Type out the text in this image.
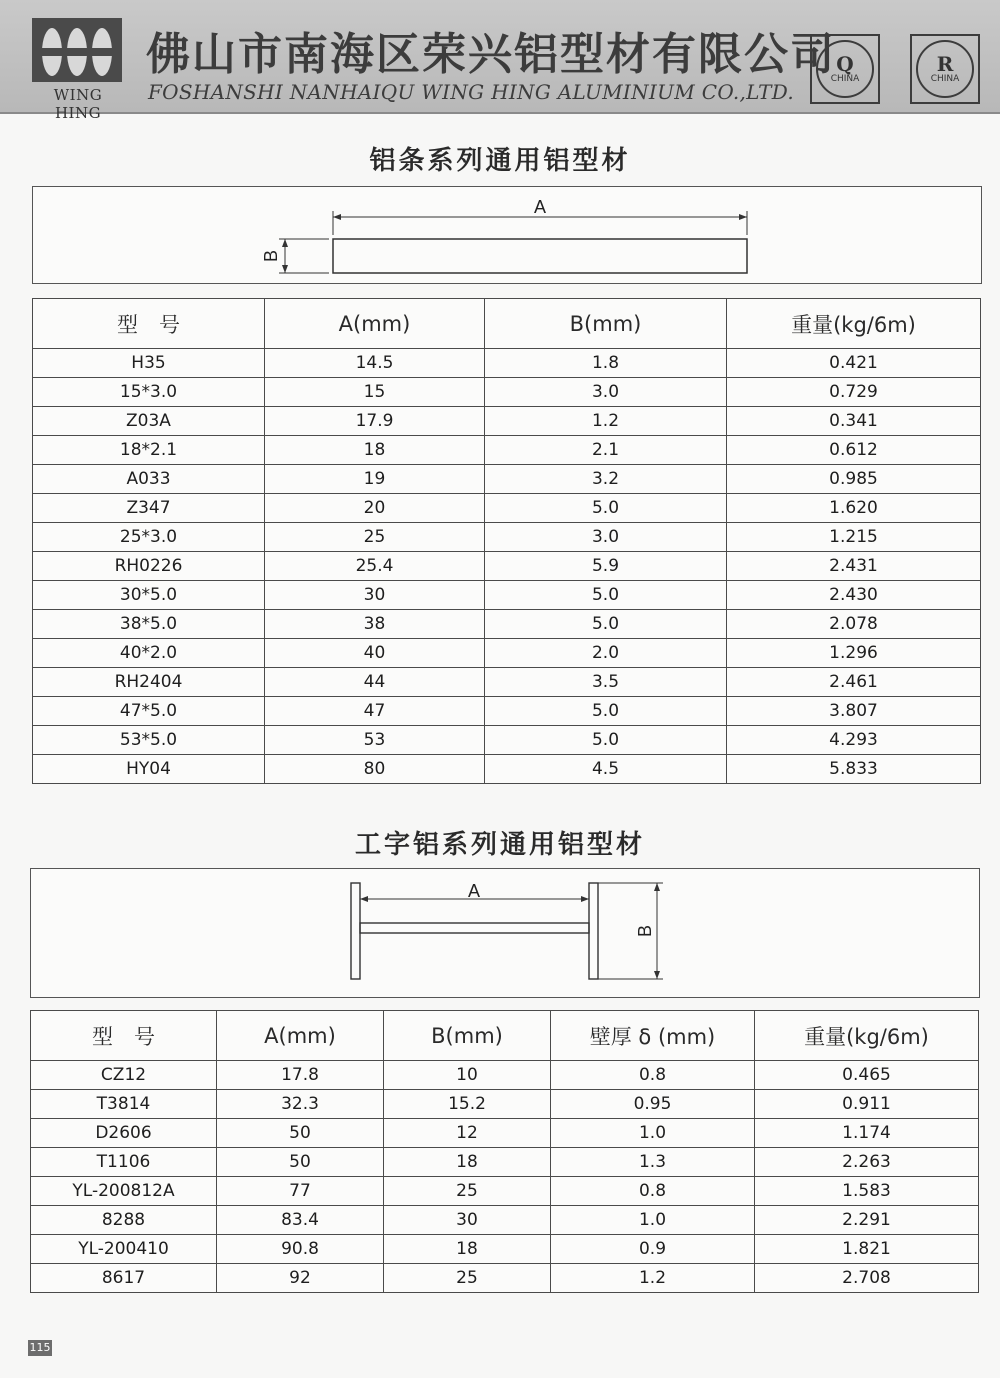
WING HING
佛山市南海区荣兴铝型材有限公司
FOSHANSHI NANHAIQU WING HING ALUMINIUM CO.,LTD.
Q
CHINA
R
CHINA
铝条系列通用铝型材
A
B
型　号	A(mm)	B(mm)	重量(kg/6m)
H35	14.5	1.8	0.421
15*3.0	15	3.0	0.729
Z03A	17.9	1.2	0.341
18*2.1	18	2.1	0.612
A033	19	3.2	0.985
Z347	20	5.0	1.620
25*3.0	25	3.0	1.215
RH0226	25.4	5.9	2.431
30*5.0	30	5.0	2.430
38*5.0	38	5.0	2.078
40*2.0	40	2.0	1.296
RH2404	44	3.5	2.461
47*5.0	47	5.0	3.807
53*5.0	53	5.0	4.293
HY04	80	4.5	5.833
工字铝系列通用铝型材
A
B
型　号	A(mm)	B(mm)	壁厚 δ (mm)	重量(kg/6m)
CZ12	17.8	10	0.8	0.465
T3814	32.3	15.2	0.95	0.911
D2606	50	12	1.0	1.174
T1106	50	18	1.3	2.263
YL-200812A	77	25	0.8	1.583
8288	83.4	30	1.0	2.291
YL-200410	90.8	18	0.9	1.821
8617	92	25	1.2	2.708
115
